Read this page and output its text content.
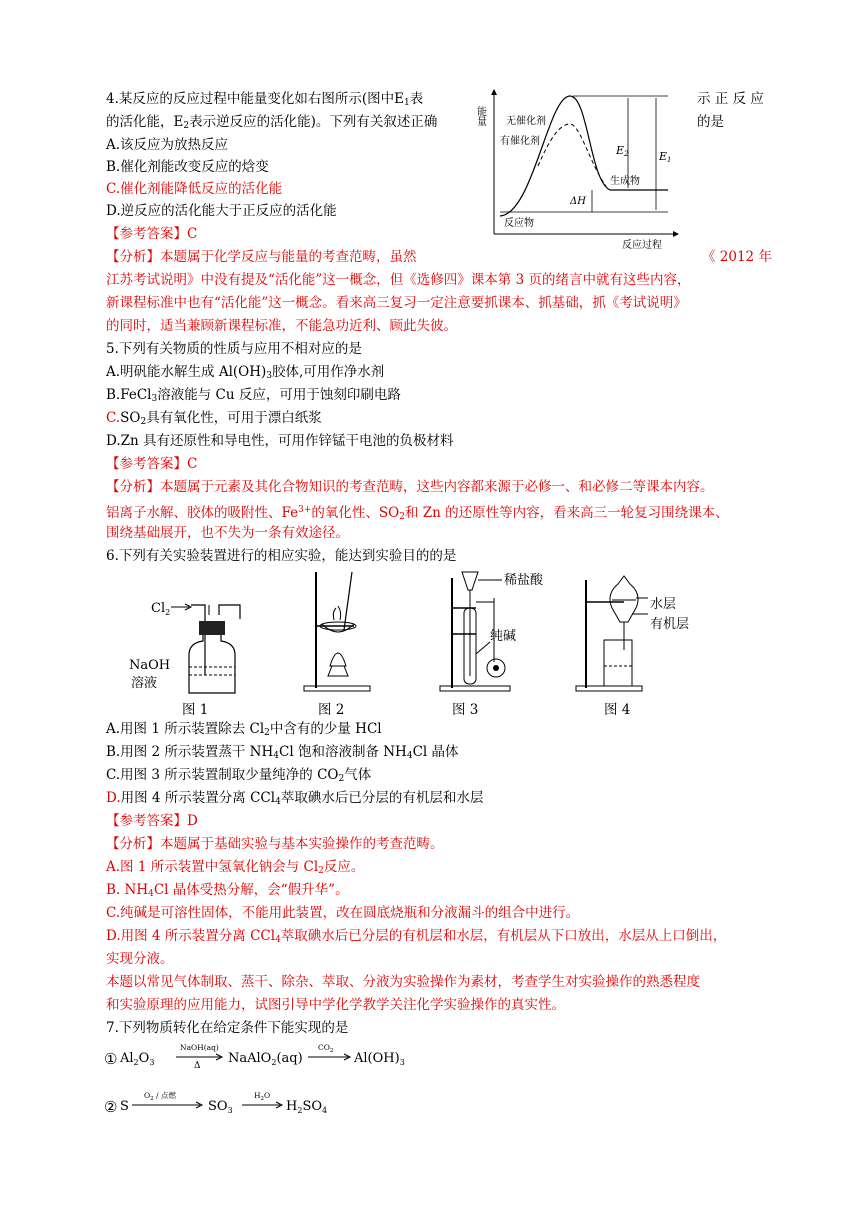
4.某反应的反应过程中能量变化如右图所示(图中$E_1$表	示 正 反 应
的活化能，$E_2$表示逆反应的活化能)。下列有关叙述正确	的是
A.该反应为放热反应
B.催化剂能改变反应的焓变
C.催化剂能降低反应的活化能
D.逆反应的活化能大于正反应的活化能
【参考答案】C
【分析】本题属于化学反应与能量的考查范畴，虽然	《 2012 年
江苏考试说明》中没有提及“活化能”这一概念，但《选修四》课本第 3 页的绪言中就有这些内容，
新课程标准中也有“活化能”这一概念。看来高三复习一定注意要抓课本、抓基础，抓《考试说明》
的同时，适当兼顾新课程标准，不能急功近利、顾此失彼。
能量
反应过程
无催化剂
有催化剂
E2	E1
ΔH
生成物
反应物
5.下列有关物质的性质与应用不相对应的是
A.明矾能水解生成 $Al(OH)_3$胶体,可用作净水剂
B.FeCl$_3$溶液能与 Cu 反应，可用于蚀刻印刷电路
$C.SO_2$具有氧化性，可用于漂白纸浆
D.Zn 具有还原性和导电性，可用作锌锰干电池的负极材料
【参考答案】C
【分析】本题属于元素及其化合物知识的考查范畴，这些内容都来源于必修一、和必修二等课本内容。
铝离子水解、胶体的吸附性、$Fe^{3+}$的氧化性、$SO_2$和 Zn 的还原性等内容，看来高三一轮复习围绕课本、
围绕基础展开，也不失为一条有效途径。
6.下列有关实验装置进行的相应实验，能达到实验目的的是
$Cl_2$
NaOH
溶液
图 1	图 2
稀盐酸
纯碱
图 3
水层
有机层
图 4
A.用图 1 所示装置除去 $Cl_2$中含有的少量 HCl
B.用图 2 所示装置蒸干 $NH_4Cl$ 饱和溶液制备 $NH_4Cl$ 晶体
C.用图 3 所示装置制取少量纯净的 $CO_2$气体
D.用图 4 所示装置分离 CCl$_4$萃取碘水后已分层的有机层和水层
【参考答案】D
【分析】本题属于基础实验与基本实验操作的考查范畴。
A.图 1 所示装置中氢氧化钠会与 $Cl_2$反应。
B. $NH_4Cl$ 晶体受热分解，会“假升华”。
C.纯碱是可溶性固体，不能用此装置，改在圆底烧瓶和分液漏斗的组合中进行。
D.用图 4 所示装置分离 CCl$_4$萃取碘水后已分层的有机层和水层，有机层从下口放出，水层从上口倒出，
实现分液。
本题以常见气体制取、蒸干、除杂、萃取、分液为实验操作为素材，考查学生对实验操作的熟悉程度
和实验原理的应用能力，试图引导中学化学教学关注化学实验操作的真实性。
7.下列物质转化在给定条件下能实现的是
① $Al_2O_3$
NaOH(aq)
Δ NaAlO$_2$(aq)
$CO_2$ $Al(OH)_3$
② S
$O_2$ / 点燃
$SO_3$
$H_2O$
$H_2SO_4$
